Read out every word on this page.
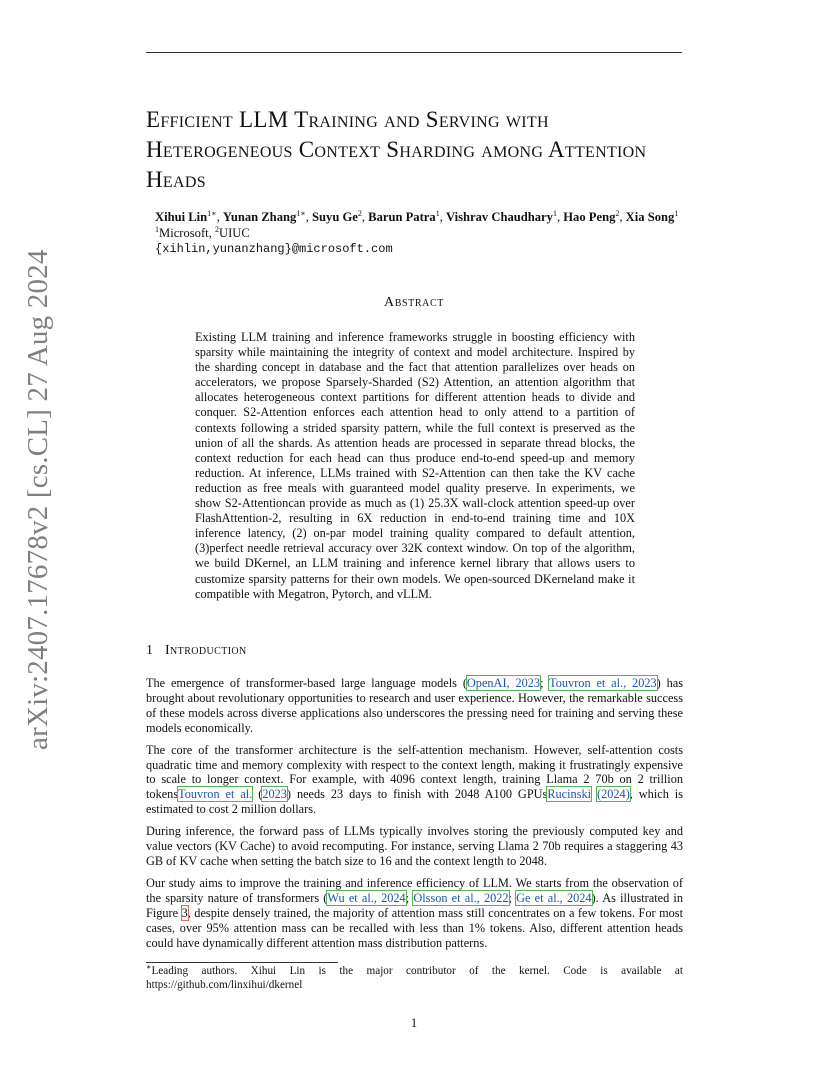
arXiv:2407.17678v2 [cs.CL] 27 Aug 2024
Efficient LLM Training and Serving with Heterogeneous Context Sharding among Attention Heads
Xihui Lin$^{1∗}$, Yunan Zhang$^{1∗}$, Suyu Ge$^2$, Barun Patra$^1$, Vishrav Chaudhary$^1$, Hao Peng$^2$, Xia Song$^1$
$^1$Microsoft, $^2$UIUC
{xihlin,yunanzhang}@microsoft.com
Abstract
Existing LLM training and inference frameworks struggle in boosting efficiency with sparsity while maintaining the integrity of context and model architecture. Inspired by the sharding concept in database and the fact that attention parallelizes over heads on accelerators, we propose Sparsely-Sharded (S2) Attention, an attention algorithm that allocates heterogeneous context partitions for different attention heads to divide and conquer. S2-Attention enforces each attention head to only attend to a partition of contexts following a strided sparsity pattern, while the full context is preserved as the union of all the shards. As attention heads are processed in separate thread blocks, the context reduction for each head can thus produce end-to-end speed-up and memory reduction. At inference, LLMs trained with S2-Attention can then take the KV cache reduction as free meals with guaranteed model quality preserve. In experiments, we show S2-Attentioncan provide as much as (1) 25.3X wall-clock attention speed-up over FlashAttention-2, resulting in 6X reduction in end-to-end training time and 10X inference latency, (2) on-par model training quality compared to default attention, (3)perfect needle retrieval accuracy over 32K context window. On top of the algorithm, we build DKernel, an LLM training and inference kernel library that allows users to customize sparsity patterns for their own models. We open-sourced DKerneland make it compatible with Megatron, Pytorch, and vLLM.
1 Introduction

The emergence of transformer-based large language models (OpenAI, 2023; Touvron et al., 2023) has brought about revolutionary opportunities to research and user experience. However, the remarkable success of these models across diverse applications also underscores the pressing need for training and serving these models economically.

The core of the transformer architecture is the self-attention mechanism. However, self-attention costs quadratic time and memory complexity with respect to the context length, making it frustratingly expensive to scale to longer context. For example, with 4096 context length, training Llama 2 70b on 2 trillion tokensTouvron et al. (2023) needs 23 days to finish with 2048 A100 GPUsRucinski (2024), which is estimated to cost 2 million dollars.

During inference, the forward pass of LLMs typically involves storing the previously computed key and value vectors (KV Cache) to avoid recomputing. For instance, serving Llama 2 70b requires a staggering 43 GB of KV cache when setting the batch size to 16 and the context length to 2048.

Our study aims to improve the training and inference efficiency of LLM. We starts from the observation of the sparsity nature of transformers (Wu et al., 2024; Olsson et al., 2022; Ge et al., 2024). As illustrated in Figure 3, despite densely trained, the majority of attention mass still concentrates on a few tokens. For most cases, over 95% attention mass can be recalled with less than 1% tokens. Also, different attention heads could have dynamically different attention mass distribution patterns.

∗Leading authors. Xihui Lin is the major contributor of the kernel. Code is available at https://github.com/linxihui/dkernel
1
